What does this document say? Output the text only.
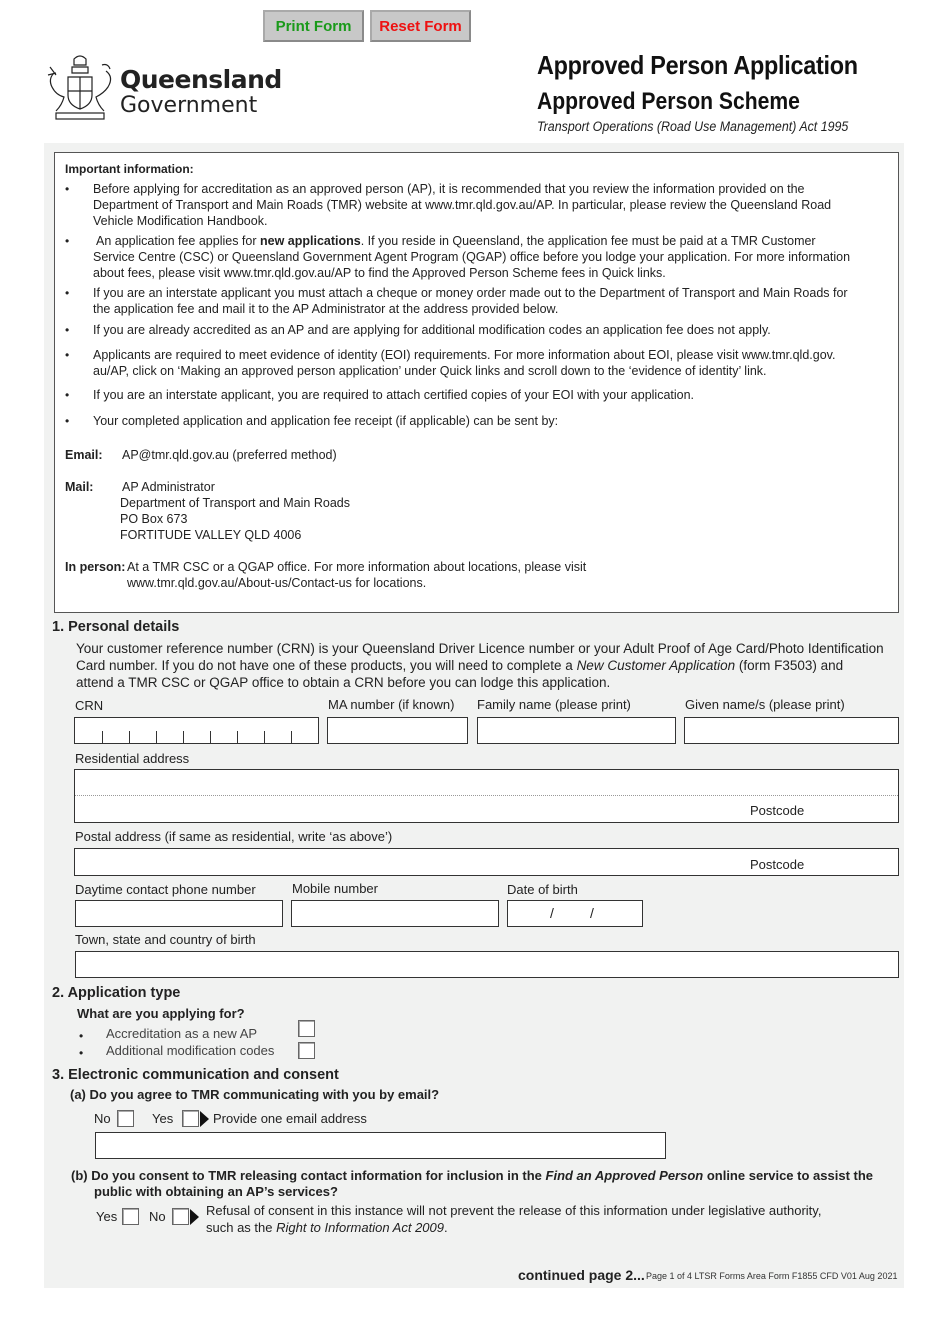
Print Form	Reset Form
Queensland
Government
Approved Person Application
Approved Person Scheme
Transport Operations (Road Use Management) Act 1995
Important information:
• Before applying for accreditation as an approved person (AP), it is recommended that you review the information provided on the
Department of Transport and Main Roads (TMR) website at www.tmr.qld.gov.au/AP. In particular, please review the Queensland Road
Vehicle Modification Handbook.
• An application fee applies for new applications. If you reside in Queensland, the application fee must be paid at a TMR Customer
Service Centre (CSC) or Queensland Government Agent Program (QGAP) office before you lodge your application. For more information
about fees, please visit www.tmr.qld.gov.au/AP to find the Approved Person Scheme fees in Quick links.
• If you are an interstate applicant you must attach a cheque or money order made out to the Department of Transport and Main Roads for
the application fee and mail it to the AP Administrator at the address provided below.
• If you are already accredited as an AP and are applying for additional modification codes an application fee does not apply.
• Applicants are required to meet evidence of identity (EOI) requirements. For more information about EOI, please visit www.tmr.qld.gov.
au/AP, click on ‘Making an approved person application’ under Quick links and scroll down to the ‘evidence of identity’ link.
• If you are an interstate applicant, you are required to attach certified copies of your EOI with your application.
• Your completed application and application fee receipt (if applicable) can be sent by:
Email: AP@tmr.qld.gov.au (preferred method)
Mail: AP Administrator
Department of Transport and Main Roads
PO Box 673
FORTITUDE VALLEY QLD 4006
In person: At a TMR CSC or a QGAP office. For more information about locations, please visit
www.tmr.qld.gov.au/About-us/Contact-us for locations.
1. Personal details
Your customer reference number (CRN) is your Queensland Driver Licence number or your Adult Proof of Age Card/Photo Identification
Card number. If you do not have one of these products, you will need to complete a New Customer Application (form F3503) and
attend a TMR CSC or QGAP office to obtain a CRN before you can lodge this application.
CRN	MA number (if known) Family name (please print)	Given name/s (please print)
Residential address
Postcode
Postal address (if same as residential, write ‘as above’)
Postcode
Daytime contact phone number	Mobile number	Date of birth
/	/
Town, state and country of birth
2. Application type
What are you applying for?
• Accreditation as a new AP
• Additional modification codes
3. Electronic communication and consent
(a) Do you agree to TMR communicating with you by email?
No	Yes	Provide one email address
(b) Do you consent to TMR releasing contact information for inclusion in the Find an Approved Person online service to assist the
public with obtaining an AP’s services?
Yes No	Refusal of consent in this instance will not prevent the release of this information under legislative authority,
such as the Right to Information Act 2009.
continued page 2... Page 1 of 4 LTSR Forms Area Form F1855 CFD V01 Aug 2021
